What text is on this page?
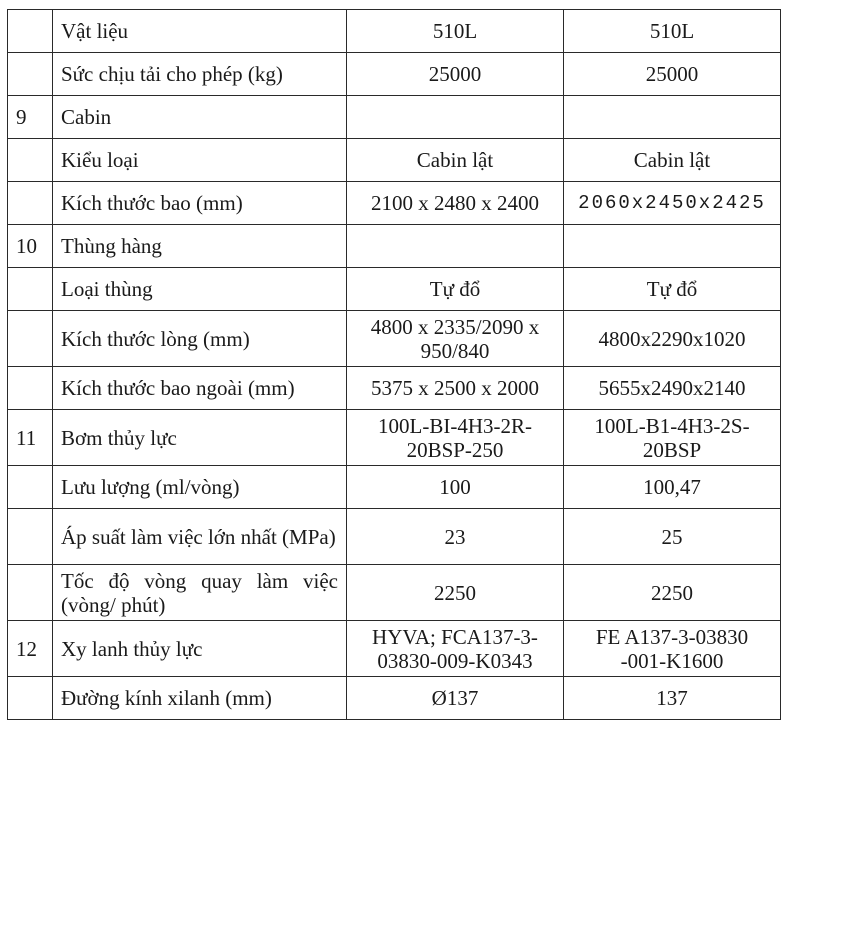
	Vật liệu	510L	510L
	Sức chịu tải cho phép (kg)	25000	25000
9	Cabin		
	Kiểu loại	Cabin lật	Cabin lật
	Kích thước bao (mm)	2100 x 2480 x 2400	2060x2450x2425
10	Thùng hàng		
	Loại thùng	Tự đổ	Tự đổ
	Kích thước lòng (mm)	4800 x 2335/2090 x 950/840	4800x2290x1020
	Kích thước bao ngoài (mm)	5375 x 2500 x 2000	5655x2490x2140
11	Bơm thủy lực	100L-BI-4H3-2R-20BSP-250	100L-B1-4H3-2S-20BSP
	Lưu lượng (ml/vòng)	100	100,47
	Áp suất làm việc lớn nhất (MPa)	23	25
	Tốc độ vòng quay làm việc (vòng/ phút)	2250	2250
12	Xy lanh thủy lực	HYVA; FCA137-3-03830-009-K0343	FE A137-3-03830 -001-K1600
	Đường kính xilanh (mm)	Ø137	137
